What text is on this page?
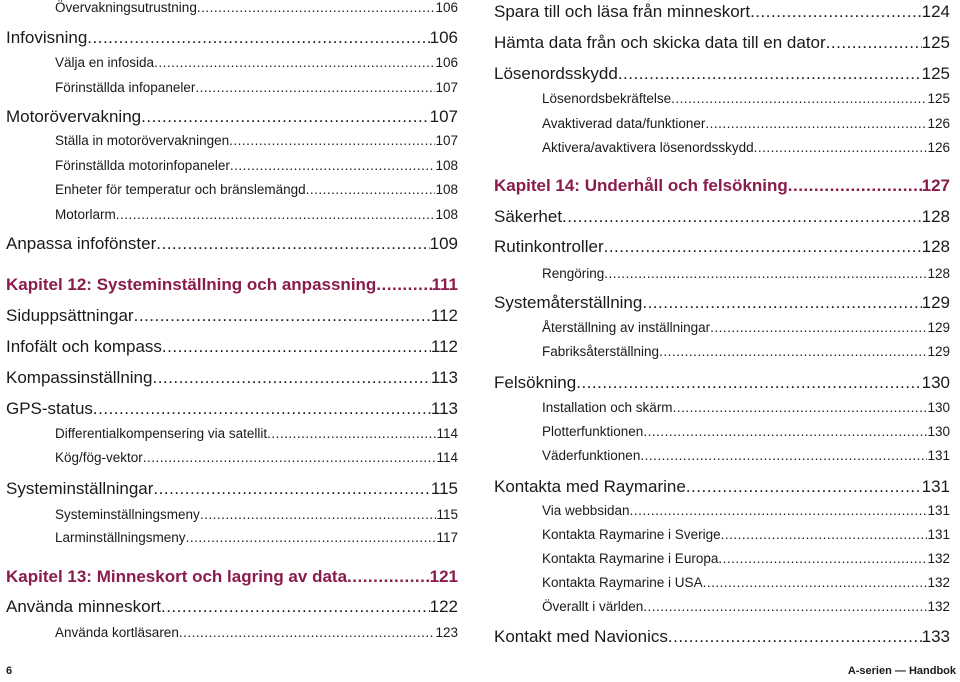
Övervakningsutrustning .....	106
Infovisning .....	106
Välja en infosida .....	106
Förinställda infopaneler .....	107
Motorövervakning .....	107
Ställa in motorövervakningen .....	107
Förinställda motorinfopaneler .....	108
Enheter för temperatur och bränslemängd .....	108
Motorlarm .....	108
Anpassa infofönster .....	109
Kapitel 12: Systeminställning och anpassning .....	111
Siduppsättningar .....	112
Infofält och kompass .....	112
Kompassinställning .....	113
GPS-status .....	113
Differentialkompensering via satellit .....	114
Kög/fög-vektor .....	114
Systeminställningar .....	115
Systeminställningsmeny .....	115
Larminställningsmeny .....	117
Kapitel 13: Minneskort och lagring av data .....	121
Använda minneskort .....	122
Använda kortläsaren .....	123
Spara till och läsa från minneskort .....	124
Hämta data från och skicka data till en dator .....	125
Lösenordsskydd .....	125
Lösenordsbekräftelse .....	125
Avaktiverad data/funktioner .....	126
Aktivera/avaktivera lösenordsskydd .....	126
Kapitel 14: Underhåll och felsökning .....	127
Säkerhet .....	128
Rutinkontroller .....	128
Rengöring .....	128
Systemåterställning .....	129
Återställning av inställningar .....	129
Fabriksåterställning .....	129
Felsökning .....	130
Installation och skärm .....	130
Plotterfunktionen .....	130
Väderfunktionen .....	131
Kontakta med Raymarine .....	131
Via webbsidan .....	131
Kontakta Raymarine i Sverige .....	131
Kontakta Raymarine i Europa .....	132
Kontakta Raymarine i USA .....	132
Överallt i världen .....	132
Kontakt med Navionics .....	133
6	A-serien — Handbok
